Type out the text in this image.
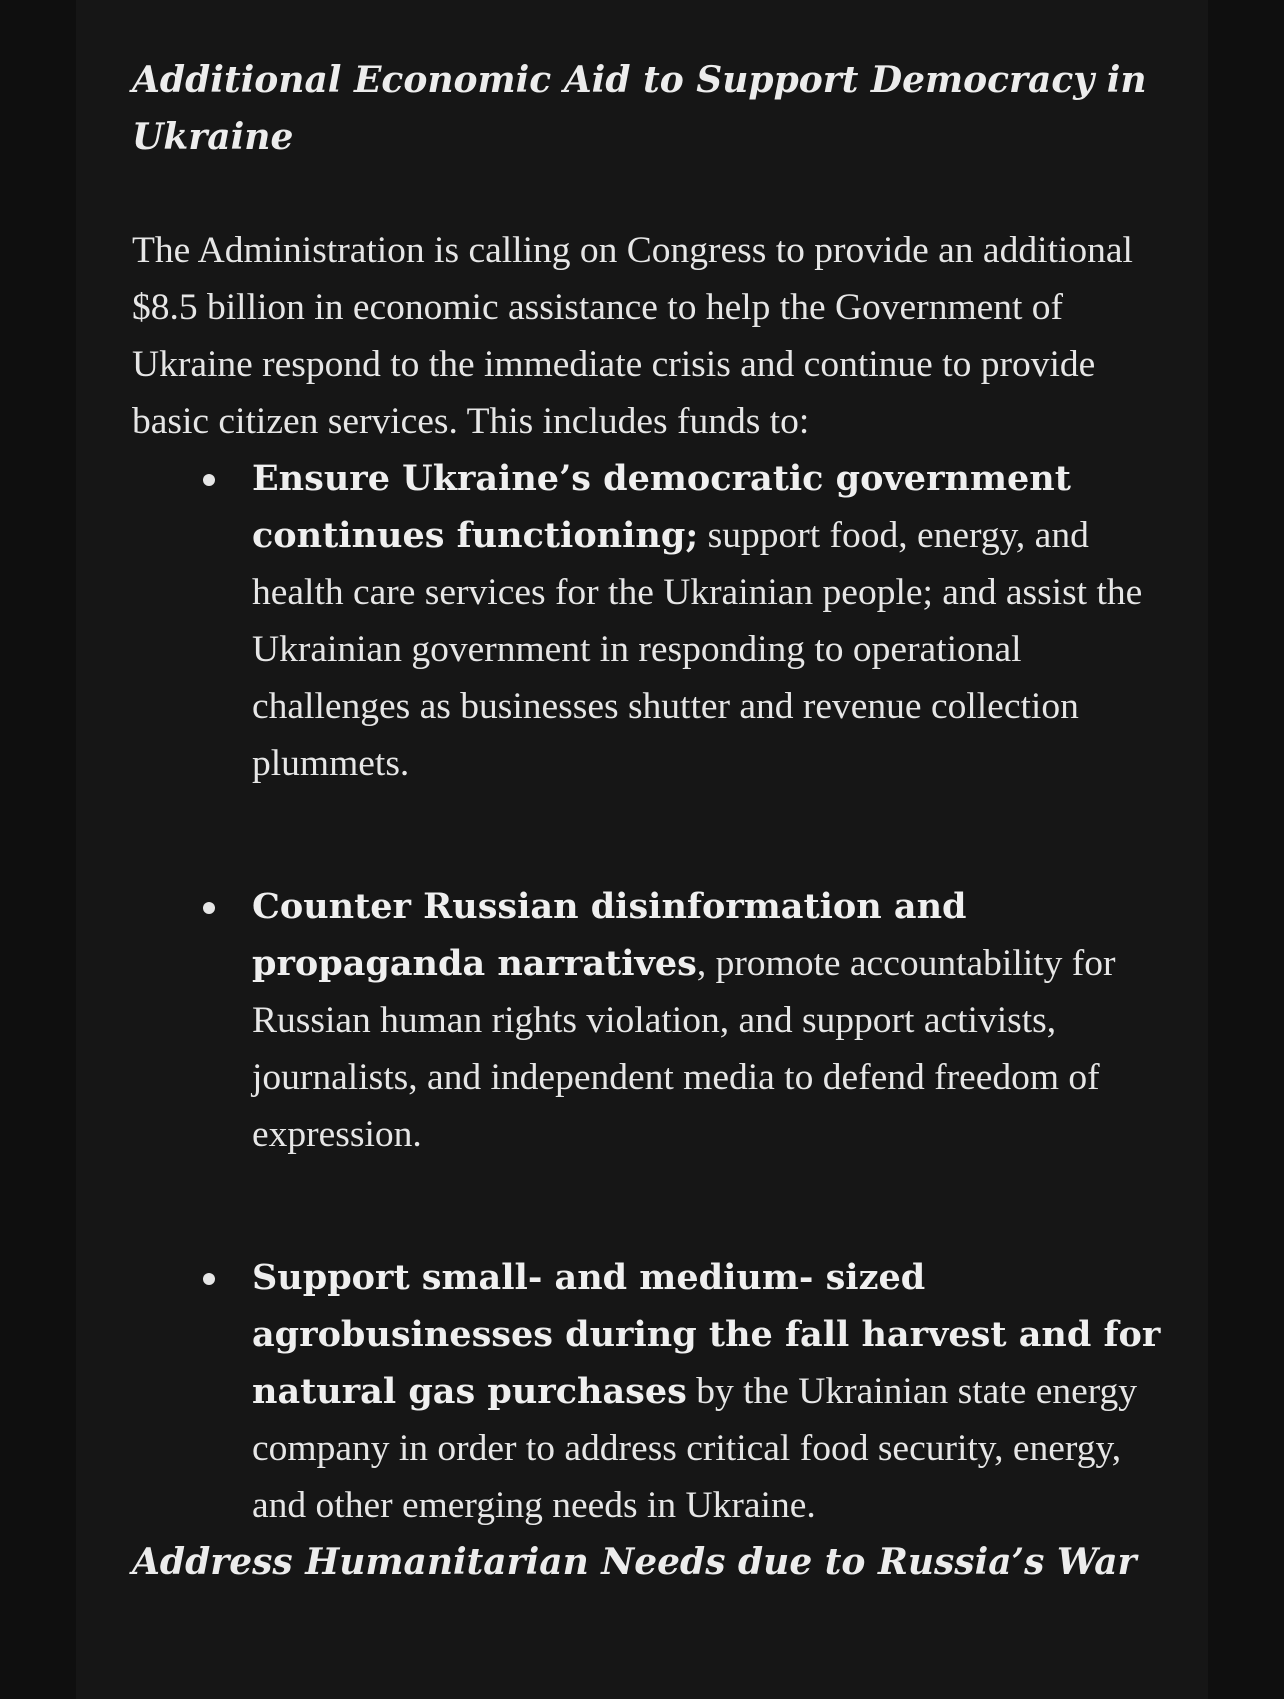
Additional Economic Aid to Support Democracy in Ukraine

The Administration is calling on Congress to provide an additional $8.5 billion in economic assistance to help the Government of Ukraine respond to the immediate crisis and continue to provide basic citizen services. This includes funds to:

Ensure Ukraine’s democratic government continues functioning; support food, energy, and health care services for the Ukrainian people; and assist the Ukrainian government in responding to operational challenges as businesses shutter and revenue collection plummets.
Counter Russian disinformation and propaganda narratives, promote accountability for Russian human rights violation, and support activists, journalists, and independent media to defend freedom of expression.
Support small- and medium- sized agrobusinesses during the fall harvest and for natural gas purchases by the Ukrainian state energy company in order to address critical food security, energy, and other emerging needs in Ukraine.
Address Humanitarian Needs due to Russia’s War
